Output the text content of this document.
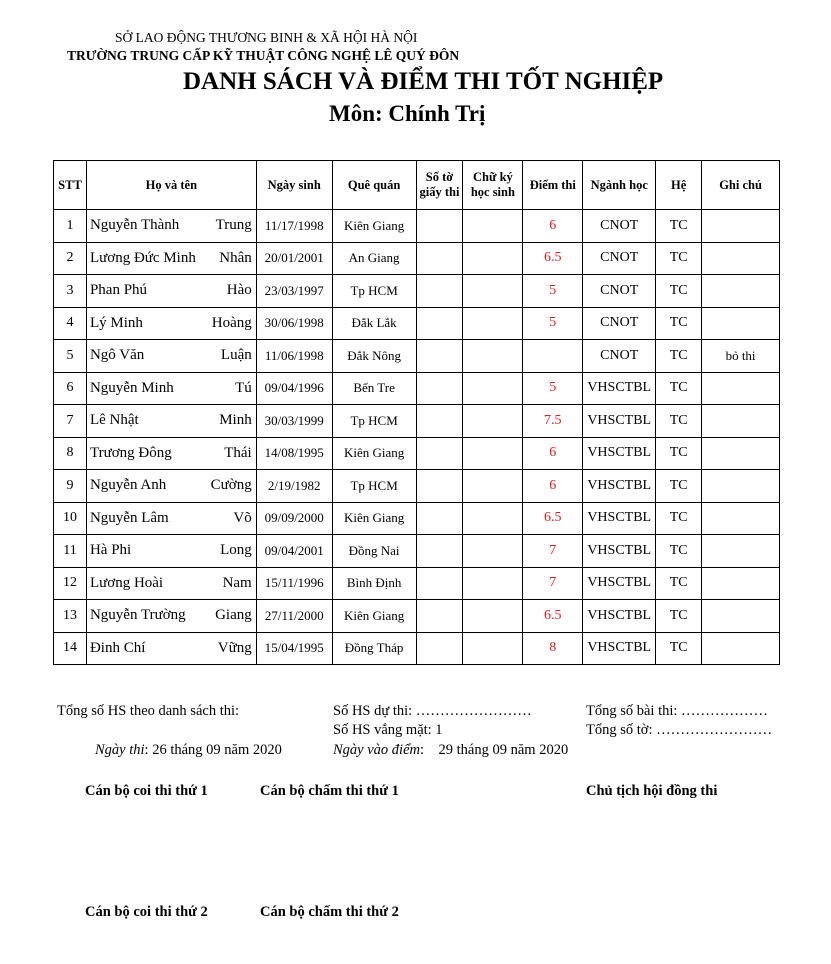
SỞ LAO ĐỘNG THƯƠNG BINH & XÃ HỘI HÀ NỘI
TRƯỜNG TRUNG CẤP KỸ THUẬT CÔNG NGHỆ LÊ QUÝ ĐÔN
DANH SÁCH VÀ ĐIỂM THI TỐT NGHIỆP
Môn: Chính Trị
STT	Họ và tên	Ngày sinh	Quê quán	Số tờ giấy thi	Chữ ký học sinh	Điểm thi	Ngành học	Hệ	Ghi chú
1	Nguyễn Thành Trung	11/17/1998	Kiên Giang			6	CNOT	TC	
2	Lương Đức Minh Nhân	20/01/2001	An Giang			6.5	CNOT	TC	
3	Phan Phú Hào	23/03/1997	Tp HCM			5	CNOT	TC	
4	Lý Minh Hoàng	30/06/1998	Đắk Lắk			5	CNOT	TC	
5	Ngô Văn Luận	11/06/1998	Đắk Nông				CNOT	TC	bỏ thi
6	Nguyễn Minh Tú	09/04/1996	Bến Tre			5	VHSCTBL	TC	
7	Lê Nhật Minh	30/03/1999	Tp HCM			7.5	VHSCTBL	TC	
8	Trương Đông Thái	14/08/1995	Kiên Giang			6	VHSCTBL	TC	
9	Nguyễn Anh Cường	2/19/1982	Tp HCM			6	VHSCTBL	TC	
10	Nguyễn Lâm Võ	09/09/2000	Kiên Giang			6.5	VHSCTBL	TC	
11	Hà Phi Long	09/04/2001	Đồng Nai			7	VHSCTBL	TC	
12	Lương Hoài Nam	15/11/1996	Bình Định			7	VHSCTBL	TC	
13	Nguyễn Trường Giang	27/11/2000	Kiên Giang			6.5	VHSCTBL	TC	
14	Đinh Chí Vững	15/04/1995	Đồng Tháp			8	VHSCTBL	TC	
Tổng số HS theo danh sách thi:	Số HS dự thi: ……………………
Số HS vắng mặt: 1
Tổng số bài thi: ………………
Tổng số tờ: ……………………
Ngày thi: 26 tháng 09 năm 2020	Ngày vào điểm:    29 tháng 09 năm 2020
Cán bộ coi thi thứ 1	Cán bộ chấm thi thứ 1	Chủ tịch hội đồng thi
Cán bộ coi thi thứ 2	Cán bộ chấm thi thứ 2
